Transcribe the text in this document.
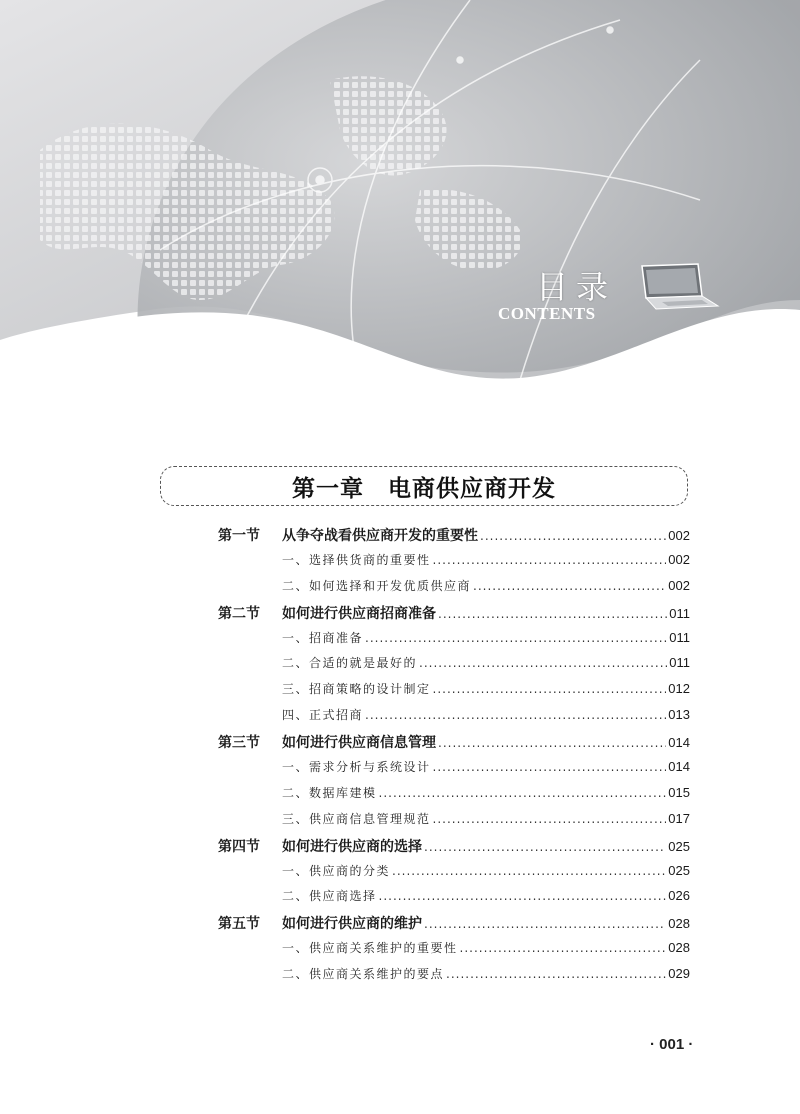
目录
CONTENTS
第一章　电商供应商开发
第一节	从争夺战看供应商开发的重要性 .....	002
一、选择供货商的重要性 .....	002
二、如何选择和开发优质供应商 .....	002
第二节	如何进行供应商招商准备 .....	011
一、招商准备 .....	011
二、合适的就是最好的 .....	011
三、招商策略的设计制定 .....	012
四、正式招商 .....	013
第三节	如何进行供应商信息管理 .....	014
一、需求分析与系统设计 .....	014
二、数据库建模 .....	015
三、供应商信息管理规范 .....	017
第四节	如何进行供应商的选择 .....	025
一、供应商的分类 .....	025
二、供应商选择 .....	026
第五节	如何进行供应商的维护 .....	028
一、供应商关系维护的重要性 .....	028
二、供应商关系维护的要点 .....	029
· 001 ·
